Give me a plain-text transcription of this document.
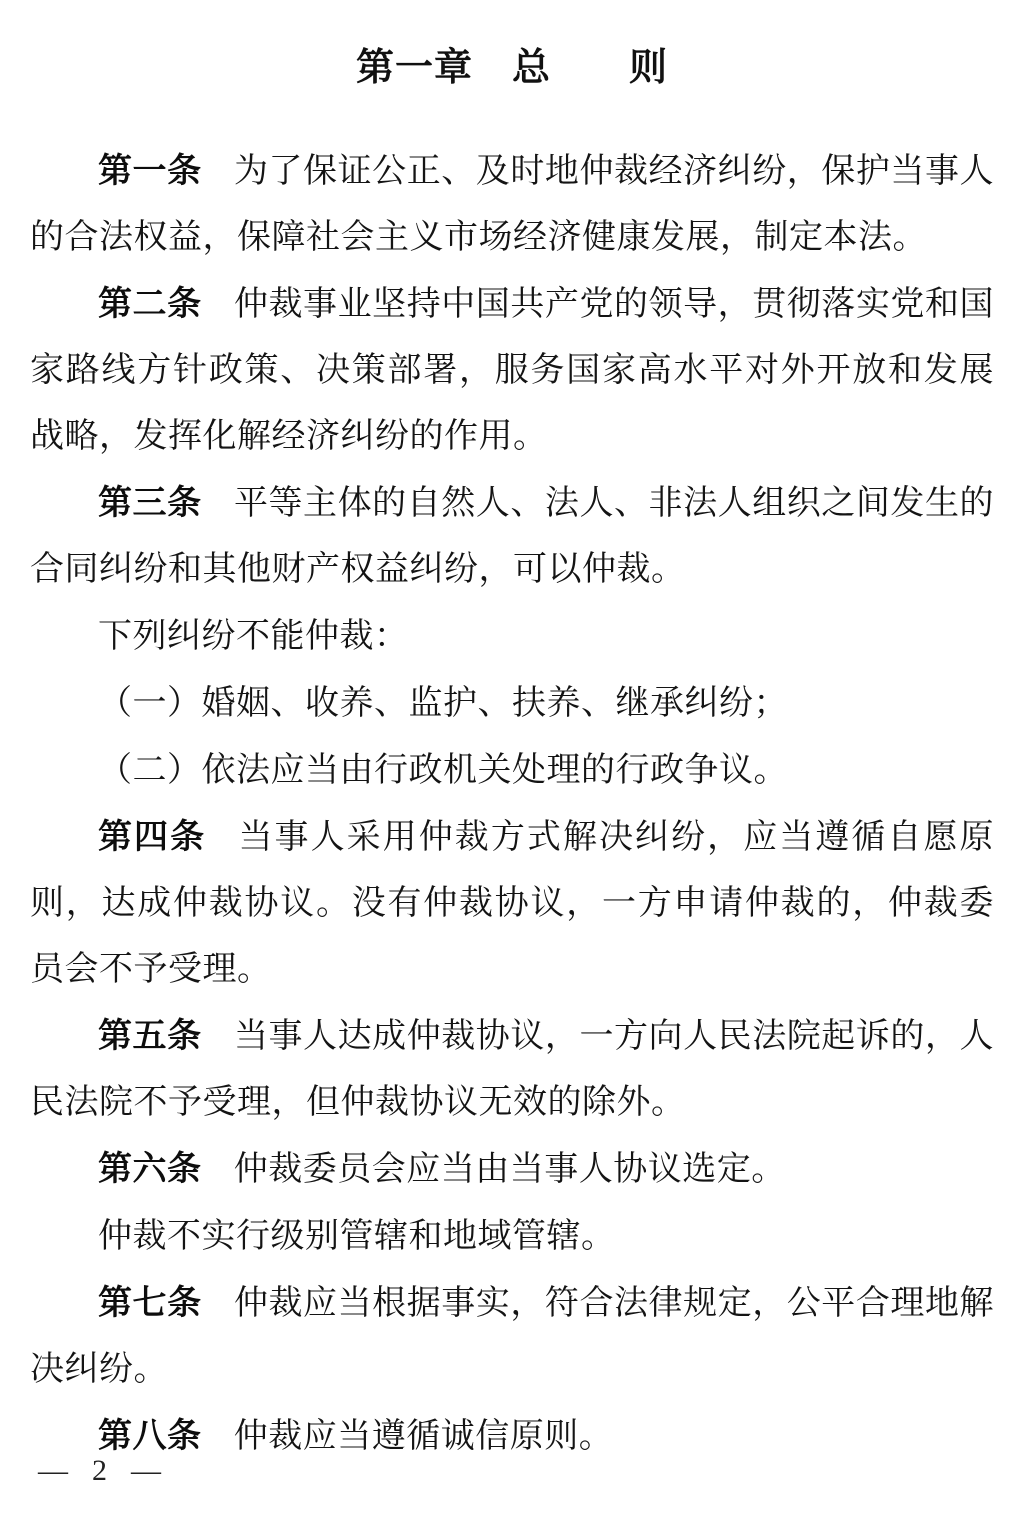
第一章　总　　则

第一条 为了保证公正、及时地仲裁经济纠纷，保护当事人的合法权益，保障社会主义市场经济健康发展，制定本法。

第二条 仲裁事业坚持中国共产党的领导，贯彻落实党和国家路线方针政策、决策部署，服务国家高水平对外开放和发展战略，发挥化解经济纠纷的作用。

第三条 平等主体的自然人、法人、非法人组织之间发生的合同纠纷和其他财产权益纠纷，可以仲裁。

下列纠纷不能仲裁：

（一）婚姻、收养、监护、扶养、继承纠纷；

（二）依法应当由行政机关处理的行政争议。

第四条 当事人采用仲裁方式解决纠纷，应当遵循自愿原则，达成仲裁协议。没有仲裁协议，一方申请仲裁的，仲裁委员会不予受理。

第五条 当事人达成仲裁协议，一方向人民法院起诉的，人民法院不予受理，但仲裁协议无效的除外。

第六条 仲裁委员会应当由当事人协议选定。

仲裁不实行级别管辖和地域管辖。

第七条 仲裁应当根据事实，符合法律规定，公平合理地解决纠纷。

第八条 仲裁应当遵循诚信原则。

— 2 —
